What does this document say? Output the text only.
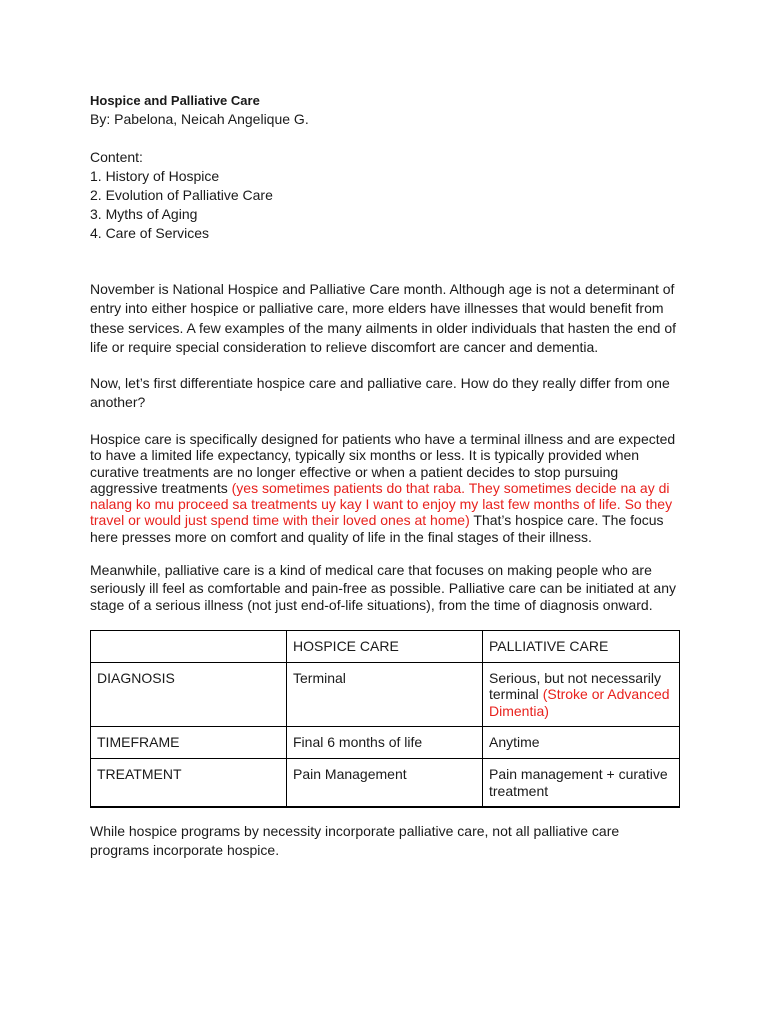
Hospice and Palliative Care

By: Pabelona, Neicah Angelique G.

Content:
1. History of Hospice
2. Evolution of Palliative Care
3. Myths of Aging
4. Care of Services

November is National Hospice and Palliative Care month. Although age is not a determinant of entry into either hospice or palliative care, more elders have illnesses that would benefit from these services. A few examples of the many ailments in older individuals that hasten the end of life or require special consideration to relieve discomfort are cancer and dementia.

Now, let’s first differentiate hospice care and palliative care. How do they really differ from one another?

Hospice care is specifically designed for patients who have a terminal illness and are expected to have a limited life expectancy, typically six months or less. It is typically provided when curative treatments are no longer effective or when a patient decides to stop pursuing aggressive treatments (yes sometimes patients do that raba. They sometimes decide na ay di nalang ko mu proceed sa treatments uy kay I want to enjoy my last few months of life. So they travel or would just spend time with their loved ones at home) That’s hospice care. The focus here presses more on comfort and quality of life in the final stages of their illness.

Meanwhile, palliative care is a kind of medical care that focuses on making people who are seriously ill feel as comfortable and pain-free as possible. Palliative care can be initiated at any stage of a serious illness (not just end-of-life situations), from the time of diagnosis onward.

	HOSPICE CARE	PALLIATIVE CARE
DIAGNOSIS	Terminal	Serious, but not necessarily terminal (Stroke or Advanced Dimentia)
TIMEFRAME	Final 6 months of life	Anytime
TREATMENT	Pain Management	Pain management + curative treatment

While hospice programs by necessity incorporate palliative care, not all palliative care programs incorporate hospice.
